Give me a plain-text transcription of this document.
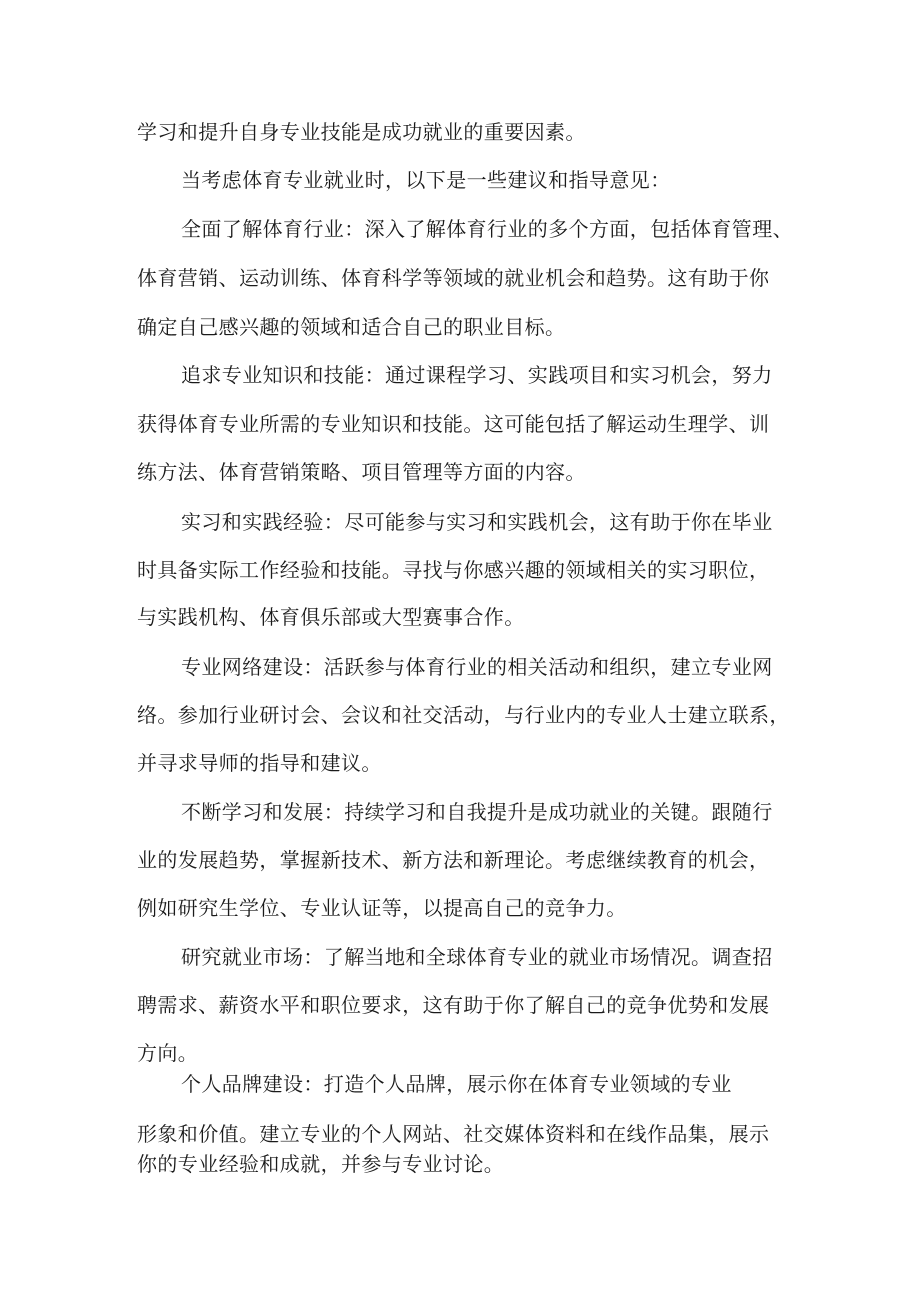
学习和提升自身专业技能是成功就业的重要因素。
当考虑体育专业就业时，以下是一些建议和指导意见：
全面了解体育行业：深入了解体育行业的多个方面，包括体育管理、
体育营销、运动训练、体育科学等领域的就业机会和趋势。这有助于你
确定自己感兴趣的领域和适合自己的职业目标。
追求专业知识和技能：通过课程学习、实践项目和实习机会，努力
获得体育专业所需的专业知识和技能。这可能包括了解运动生理学、训
练方法、体育营销策略、项目管理等方面的内容。
实习和实践经验：尽可能参与实习和实践机会，这有助于你在毕业
时具备实际工作经验和技能。寻找与你感兴趣的领域相关的实习职位，
与实践机构、体育俱乐部或大型赛事合作。
专业网络建设：活跃参与体育行业的相关活动和组织，建立专业网
络。参加行业研讨会、会议和社交活动，与行业内的专业人士建立联系，
并寻求导师的指导和建议。
不断学习和发展：持续学习和自我提升是成功就业的关键。跟随行
业的发展趋势，掌握新技术、新方法和新理论。考虑继续教育的机会，
例如研究生学位、专业认证等，以提高自己的竞争力。
研究就业市场：了解当地和全球体育专业的就业市场情况。调查招
聘需求、薪资水平和职位要求，这有助于你了解自己的竞争优势和发展
方向。
个人品牌建设：打造个人品牌，展示你在体育专业领域的专业
形象和价值。建立专业的个人网站、社交媒体资料和在线作品集，展示
你的专业经验和成就，并参与专业讨论。
